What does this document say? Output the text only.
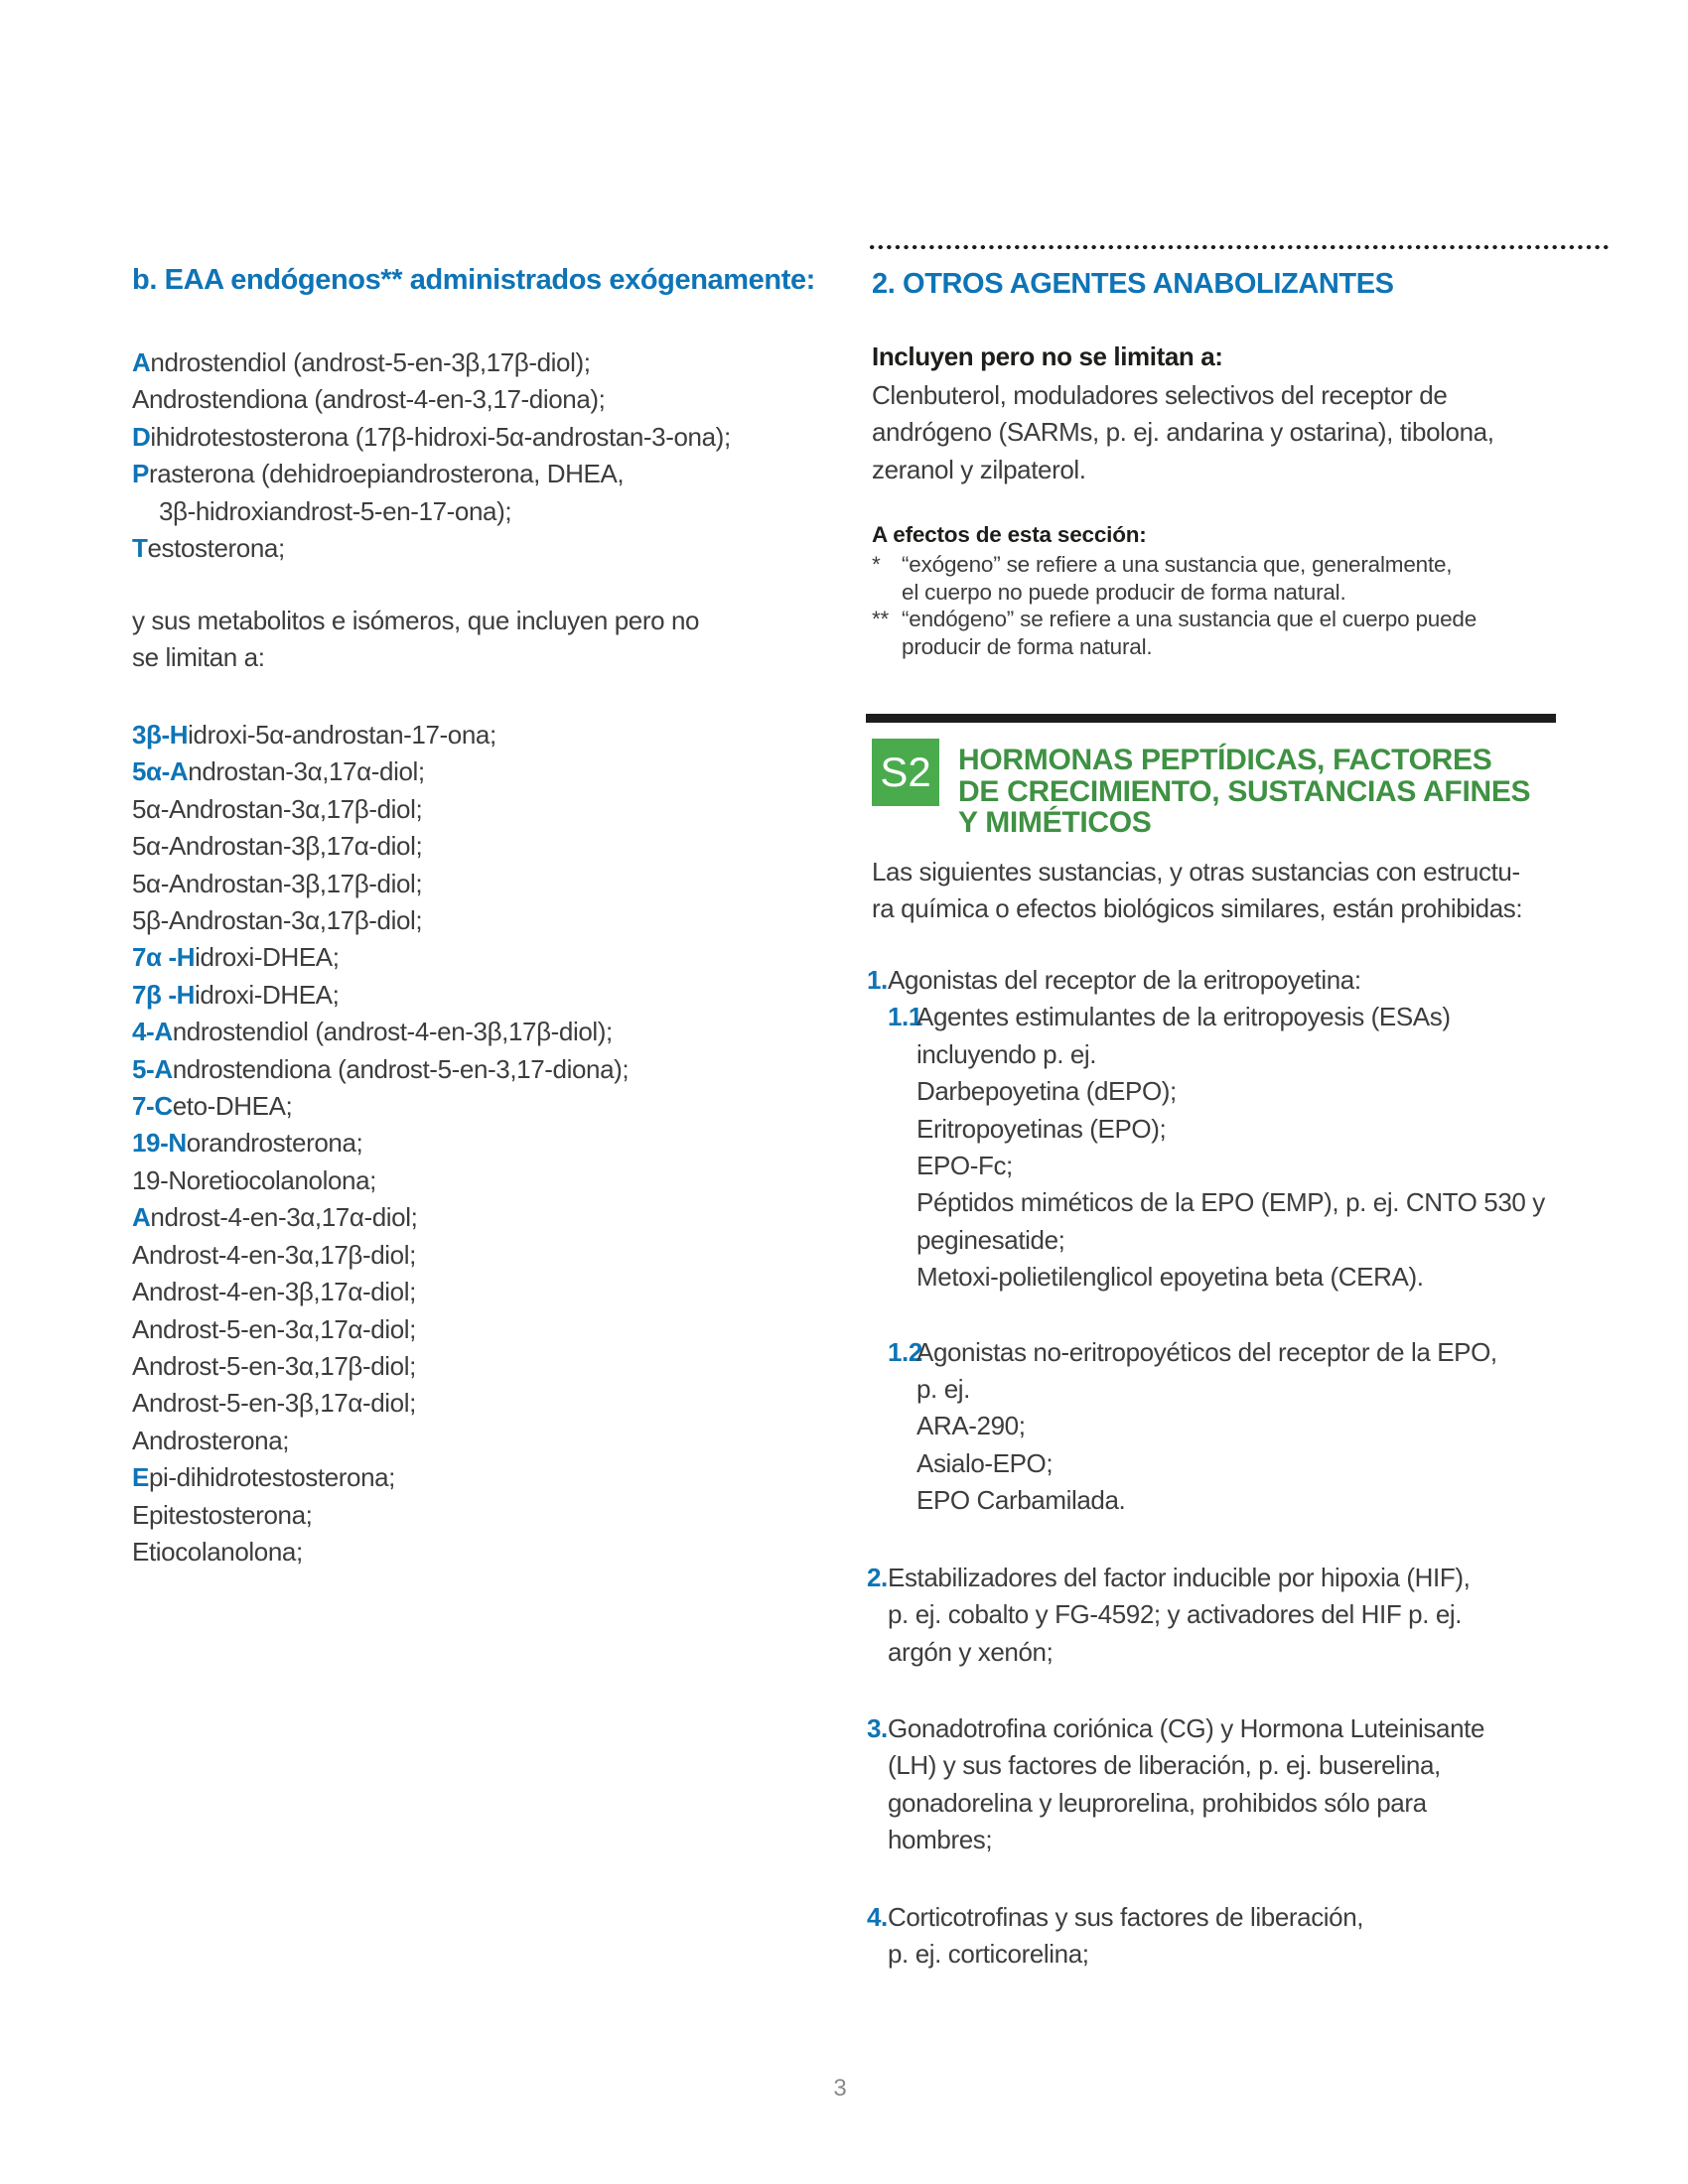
b. EAA endógenos** administrados exógenamente:
Androstendiol (androst-5-en-3β,17β-diol);
Androstendiona (androst-4-en-3,17-diona);
Dihidrotestosterona (17β-hidroxi-5α-androstan-3-ona);
Prasterona (dehidroepiandrosterona, DHEA,
3β-hidroxiandrost-5-en-17-ona);
Testosterona;
y sus metabolitos e isómeros, que incluyen pero no
se limitan a:
3β-Hidroxi-5α-androstan-17-ona;
5α-Androstan-3α,17α-diol;
5α-Androstan-3α,17β-diol;
5α-Androstan-3β,17α-diol;
5α-Androstan-3β,17β-diol;
5β-Androstan-3α,17β-diol;
7α -Hidroxi-DHEA;
7β -Hidroxi-DHEA;
4-Androstendiol (androst-4-en-3β,17β-diol);
5-Androstendiona (androst-5-en-3,17-diona);
7-Ceto-DHEA;
19-Norandrosterona;
19-Noretiocolanolona;
Androst-4-en-3α,17α-diol;
Androst-4-en-3α,17β-diol;
Androst-4-en-3β,17α-diol;
Androst-5-en-3α,17α-diol;
Androst-5-en-3α,17β-diol;
Androst-5-en-3β,17α-diol;
Androsterona;
Epi-dihidrotestosterona;
Epitestosterona;
Etiocolanolona;
2. OTROS AGENTES ANABOLIZANTES
Incluyen pero no se limitan a:
Clenbuterol, moduladores selectivos del receptor de
andrógeno (SARMs, p. ej. andarina y ostarina), tibolona,
zeranol y zilpaterol.
A efectos de esta sección:
* “exógeno” se refiere a una sustancia que, generalmente,
el cuerpo no puede producir de forma natural.
** “endógeno” se refiere a una sustancia que el cuerpo puede
producir de forma natural.
S2 HORMONAS PEPTÍDICAS, FACTORES
DE CRECIMIENTO, SUSTANCIAS AFINES
Y MIMÉTICOS
Las siguientes sustancias, y otras sustancias con estructu-
ra química o efectos biológicos similares, están prohibidas:
1.Agonistas del receptor de la eritropoyetina:
1.1Agentes estimulantes de la eritropoyesis (ESAs)
incluyendo p. ej.
Darbepoyetina (dEPO);
Eritropoyetinas (EPO);
EPO-Fc;
Péptidos miméticos de la EPO (EMP), p. ej. CNTO 530 y
peginesatide;
Metoxi-polietilenglicol epoyetina beta (CERA).
1.2Agonistas no-eritropoyéticos del receptor de la EPO,
p. ej.
ARA-290;
Asialo-EPO;
EPO Carbamilada.
2.Estabilizadores del factor inducible por hipoxia (HIF),
p. ej. cobalto y FG-4592; y activadores del HIF p. ej.
argón y xenón;
3.Gonadotrofina coriónica (CG) y Hormona Luteinisante
(LH) y sus factores de liberación, p. ej. buserelina,
gonadorelina y leuprorelina, prohibidos sólo para
hombres;
4.Corticotrofinas y sus factores de liberación,
p. ej. corticorelina;
3
